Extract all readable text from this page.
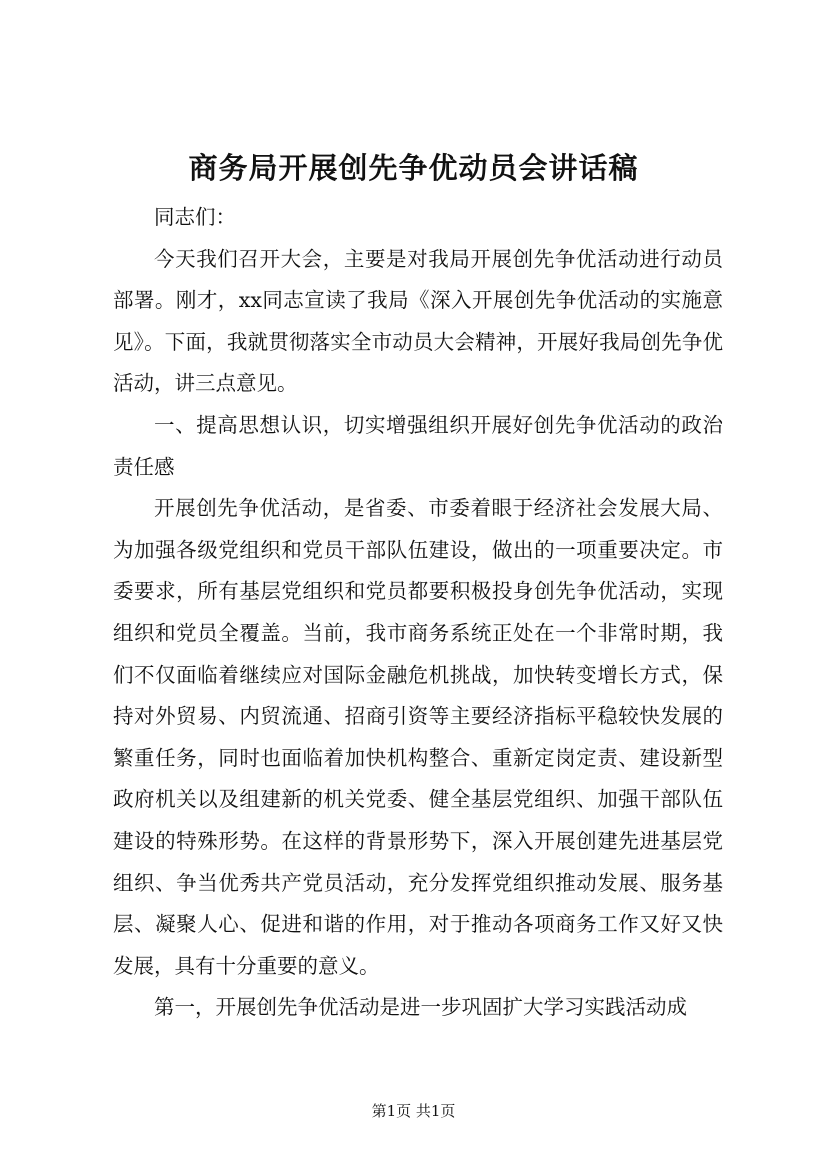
商务局开展创先争优动员会讲话稿

同志们：

今天我们召开大会，主要是对我局开展创先争优活动进行动员部署。刚才，xx同志宣读了我局《深入开展创先争优活动的实施意见》。下面，我就贯彻落实全市动员大会精神，开展好我局创先争优活动，讲三点意见。

一、提高思想认识，切实增强组织开展好创先争优活动的政治责任感

开展创先争优活动，是省委、市委着眼于经济社会发展大局、为加强各级党组织和党员干部队伍建设，做出的一项重要决定。市委要求，所有基层党组织和党员都要积极投身创先争优活动，实现组织和党员全覆盖。当前，我市商务系统正处在一个非常时期，我们不仅面临着继续应对国际金融危机挑战，加快转变增长方式，保持对外贸易、内贸流通、招商引资等主要经济指标平稳较快发展的繁重任务，同时也面临着加快机构整合、重新定岗定责、建设新型政府机关以及组建新的机关党委、健全基层党组织、加强干部队伍建设的特殊形势。在这样的背景形势下，深入开展创建先进基层党组织、争当优秀共产党员活动，充分发挥党组织推动发展、服务基层、凝聚人心、促进和谐的作用，对于推动各项商务工作又好又快发展，具有十分重要的意义。

第一，开展创先争优活动是进一步巩固扩大学习实践活动成

第1页 共1页
